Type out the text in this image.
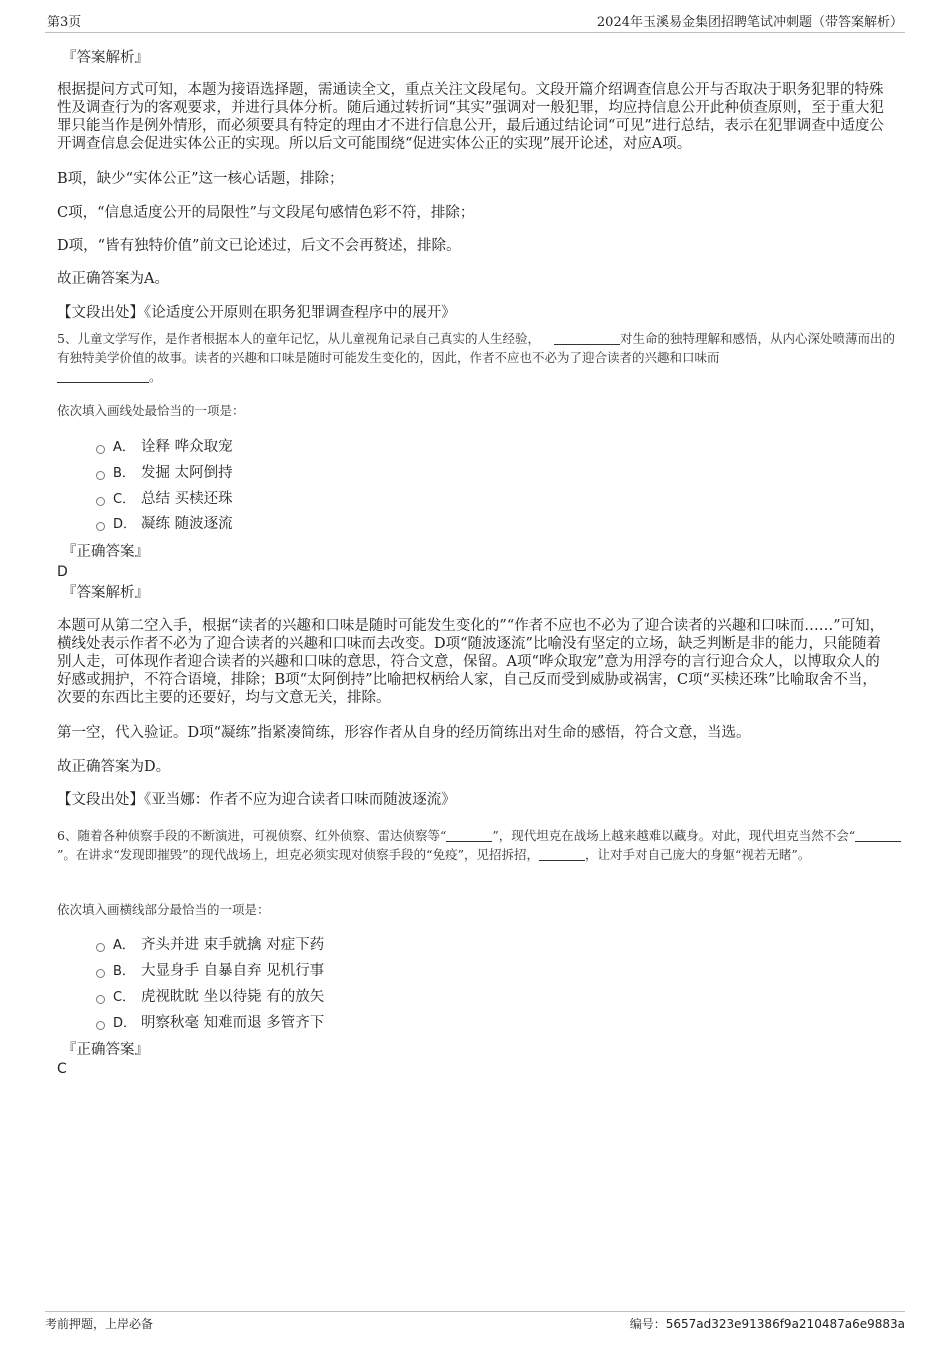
第3页	2024年玉溪易金集团招聘笔试冲刺题（带答案解析）
『答案解析』
根据提问方式可知，本题为接语选择题，需通读全文，重点关注文段尾句。文段开篇介绍调查信息公开与否取决于职务犯罪的特殊性及调查行为的客观要求，并进行具体分析。随后通过转折词“其实”强调对一般犯罪，均应持信息公开此种侦查原则，至于重大犯罪只能当作是例外情形，而必须要具有特定的理由才不进行信息公开，最后通过结论词“可见”进行总结，表示在犯罪调查中适度公开调查信息会促进实体公正的实现。所以后文可能围绕“促进实体公正的实现”展开论述，对应A项。
B项，缺少“实体公正”这一核心话题，排除；
C项，“信息适度公开的局限性”与文段尾句感情色彩不符，排除；
D项，“皆有独特价值”前文已论述过，后文不会再赘述，排除。
故正确答案为A。
【文段出处】《论适度公开原则在职务犯罪调查程序中的展开》
5、儿童文学写作，是作者根据本人的童年记忆，从儿童视角记录自己真实的人生经验，	对生命的独特理解和感悟，从内心深处喷薄而出的有独特美学价值的故事。读者的兴趣和口味是随时可能发生变化的，因此，作者不应也不必为了迎合读者的兴趣和口味而
。
依次填入画线处最恰当的一项是：
A． 诠释 哗众取宠
B． 发掘 太阿倒持
C． 总结 买椟还珠
D． 凝练 随波逐流
『正确答案』
D
『答案解析』
本题可从第二空入手，根据“读者的兴趣和口味是随时可能发生变化的”“作者不应也不必为了迎合读者的兴趣和口味而……”可知，横线处表示作者不必为了迎合读者的兴趣和口味而去改变。D项“随波逐流”比喻没有坚定的立场，缺乏判断是非的能力，只能随着别人走，可体现作者迎合读者的兴趣和口味的意思，符合文意，保留。A项“哗众取宠”意为用浮夸的言行迎合众人，以博取众人的好感或拥护，不符合语境，排除；B项“太阿倒持”比喻把权柄给人家，自己反而受到威胁或祸害，C项“买椟还珠”比喻取舍不当，次要的东西比主要的还要好，均与文意无关，排除。
第一空，代入验证。D项“凝练”指紧凑简练，形容作者从自身的经历简练出对生命的感悟，符合文意，当选。
故正确答案为D。
【文段出处】《亚当娜：作者不应为迎合读者口味而随波逐流》
6、随着各种侦察手段的不断演进，可视侦察、红外侦察、雷达侦察等“	”，现代坦克在战场上越来越难以藏身。对此，现代坦克当然不会“”。在讲求“发现即摧毁”的现代战场上，坦克必须实现对侦察手段的“免疫”，见招拆招，	，让对手对自己庞大的身躯“视若无睹”。
依次填入画横线部分最恰当的一项是：
A． 齐头并进 束手就擒 对症下药
B． 大显身手 自暴自弃 见机行事
C． 虎视眈眈 坐以待毙 有的放矢
D． 明察秋毫 知难而退 多管齐下
『正确答案』
C
考前押题，上岸必备	编号：5657ad323e91386f9a210487a6e9883a
